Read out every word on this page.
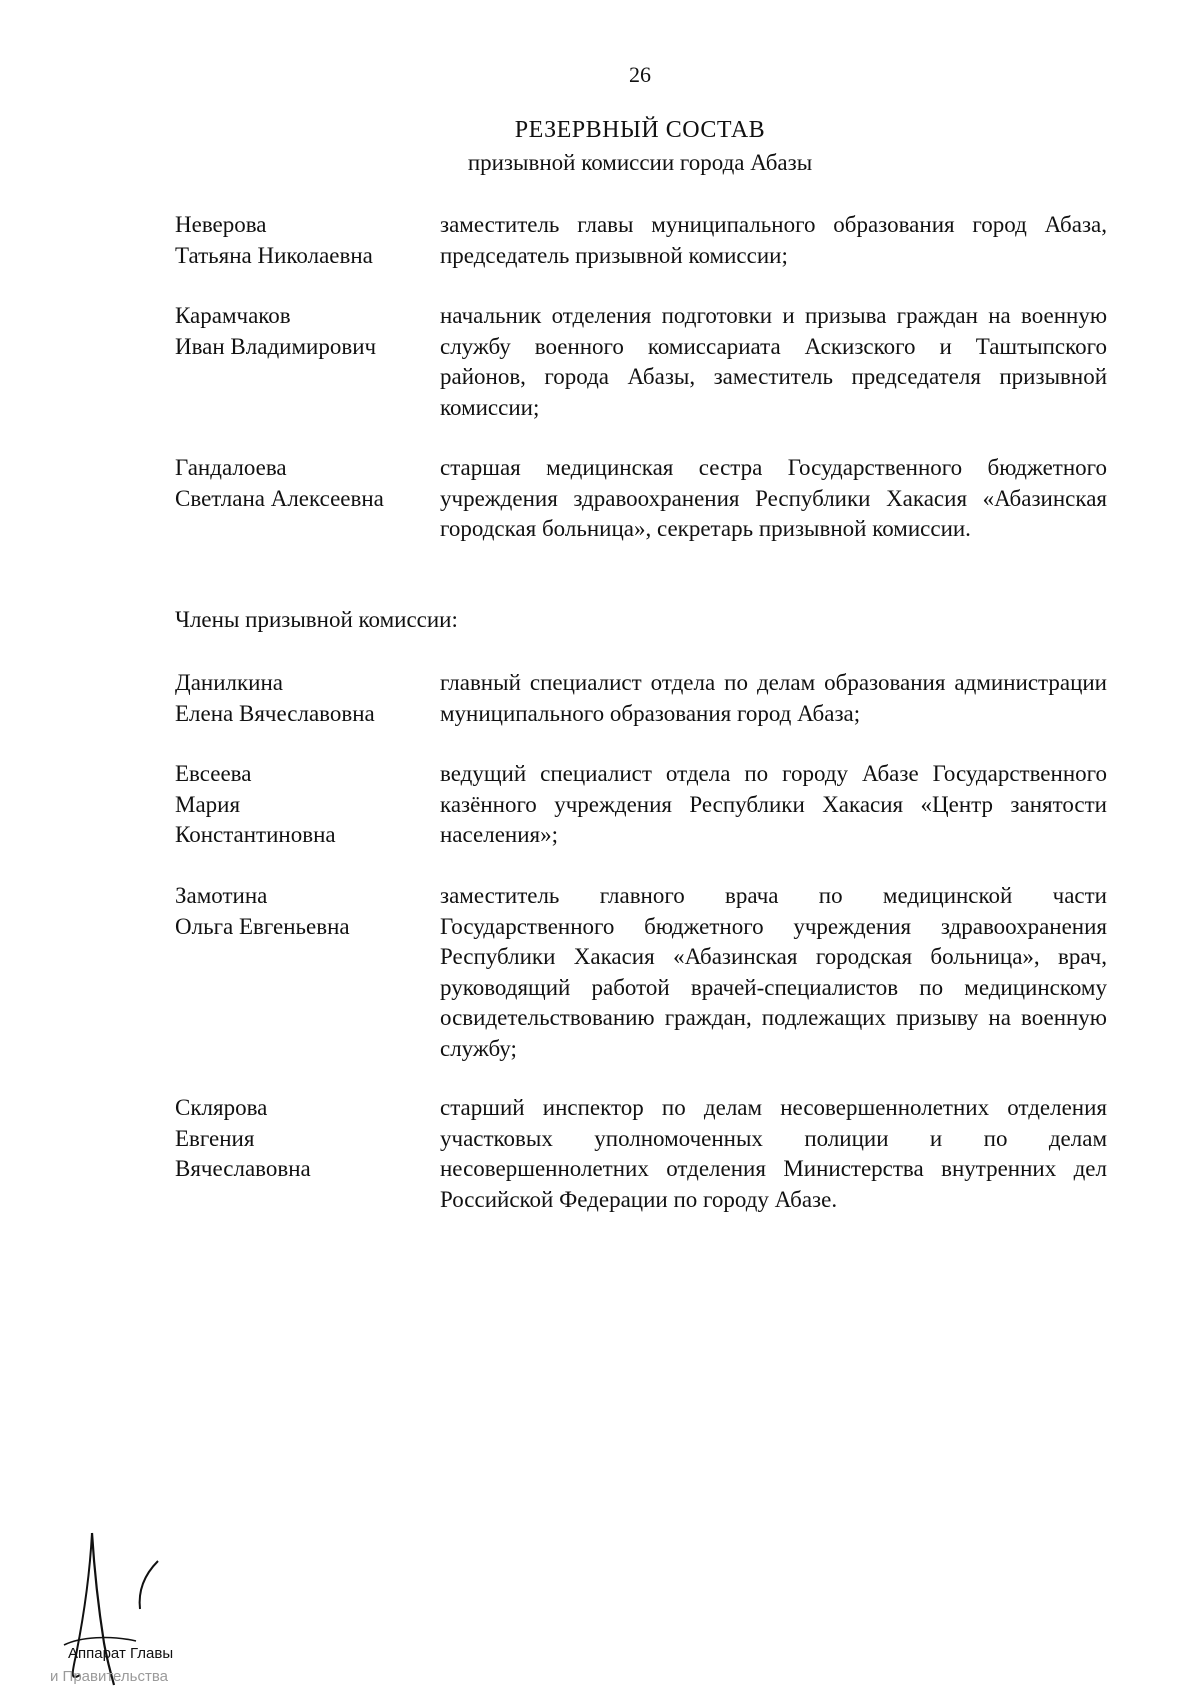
26
РЕЗЕРВНЫЙ СОСТАВ
призывной комиссии города Абазы
Неверова
Татьяна Николаевна
заместитель главы муниципального образования город Абаза, председатель призывной комиссии;
Карамчаков
Иван Владимирович
начальник отделения подготовки и призыва граждан на военную службу военного комиссариата Аскизского и Таштыпского районов, города Абазы, заместитель председателя призывной комиссии;
Гандалоева
Светлана Алексеевна
старшая медицинская сестра Государственного бюджетного учреждения здравоохранения Республики Хакасия «Абазинская городская больница», секретарь призывной комиссии.
Члены призывной комиссии:
Данилкина
Елена Вячеславовна
главный специалист отдела по делам образования администрации муниципального образования город Абаза;
Евсеева
Мария
Константиновна
ведущий специалист отдела по городу Абазе Государственного казённого учреждения Республики Хакасия «Центр занятости населения»;
Замотина
Ольга Евгеньевна
заместитель главного врача по медицинской части Государственного бюджетного учреждения здравоохранения Республики Хакасия «Абазинская городская больница», врач, руководящий работой врачей-специалистов по медицинскому освидетельствованию граждан, подлежащих призыву на военную службу;
Склярова
Евгения
Вячеславовна
старший инспектор по делам несовершеннолетних отделения участковых уполномоченных полиции и по делам несовершеннолетних отделения Министерства внутренних дел Российской Федерации по городу Абазе.
Аппарат Главы
и Правительства
